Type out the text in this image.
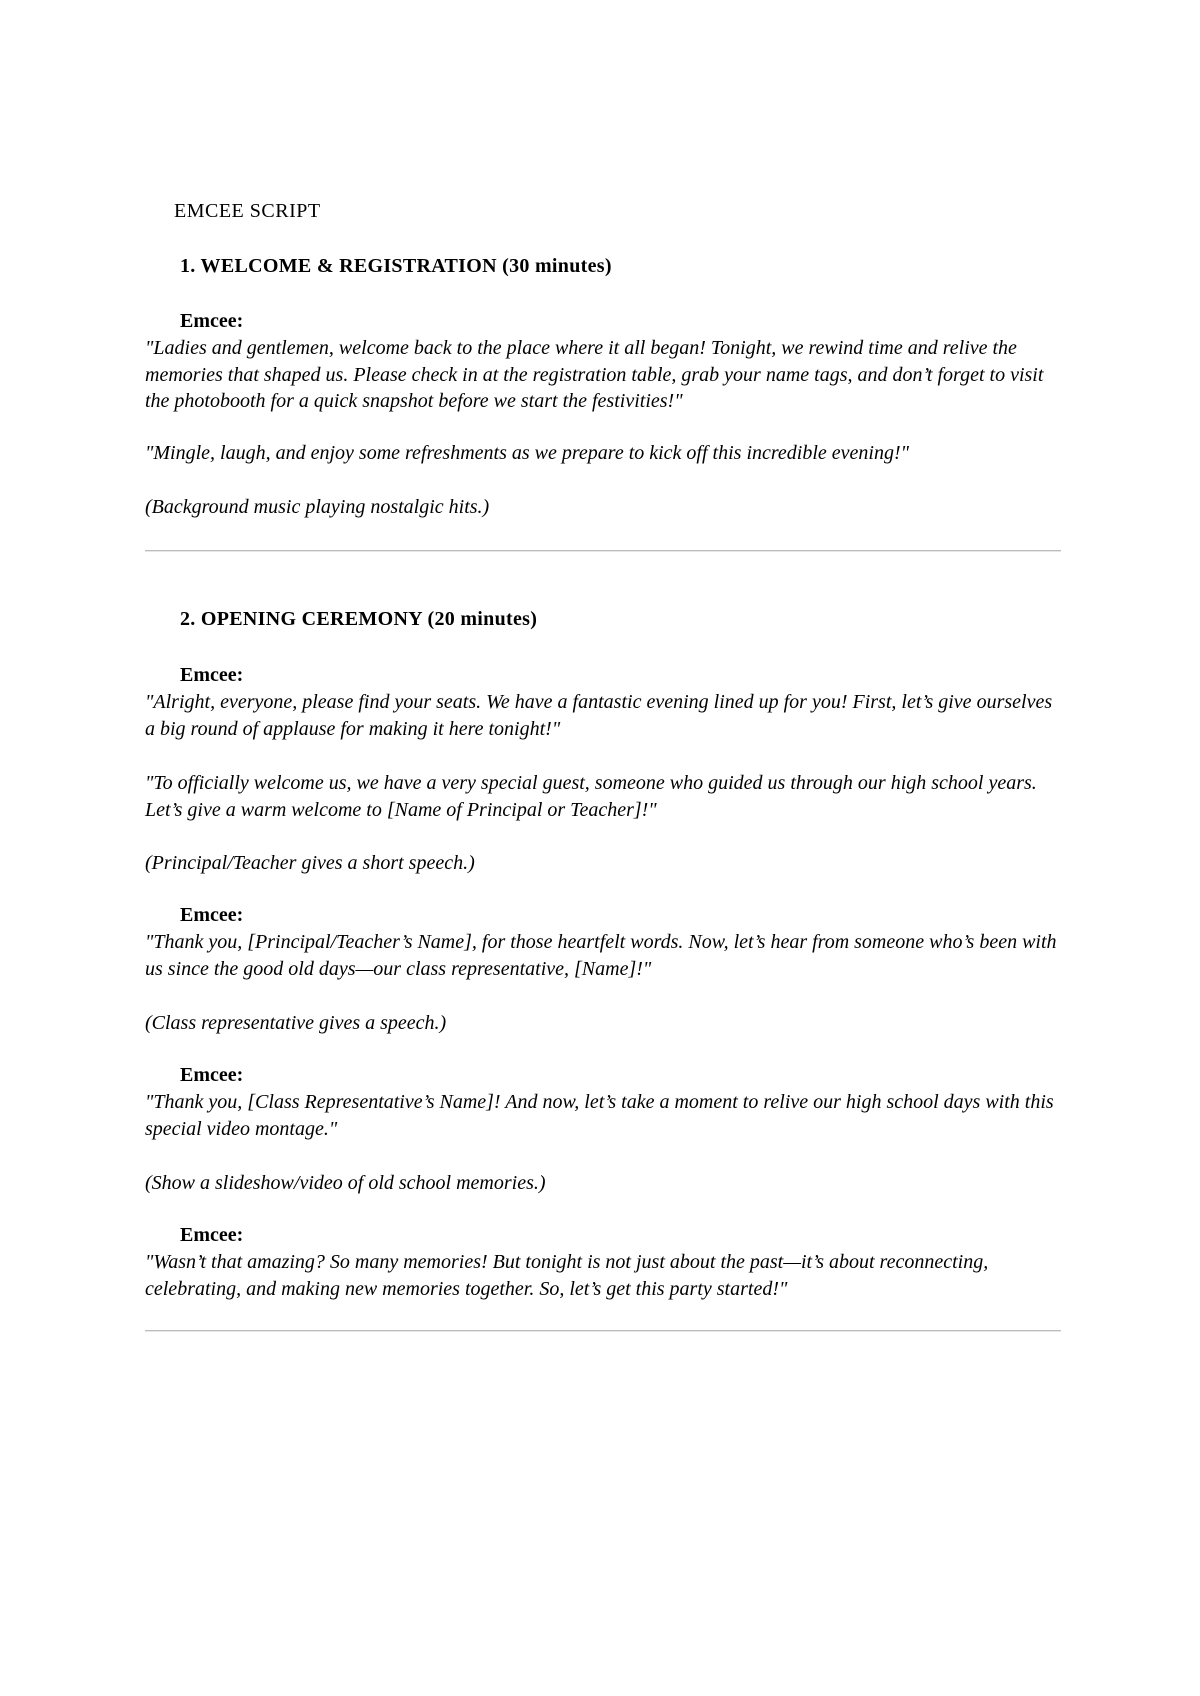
EMCEE SCRIPT
1. WELCOME & REGISTRATION (30 minutes)
Emcee:
"Ladies and gentlemen, welcome back to the place where it all began! Tonight, we rewind time and relive the memories that shaped us. Please check in at the registration table, grab your name tags, and don’t forget to visit the photobooth for a quick snapshot before we start the festivities!"
"Mingle, laugh, and enjoy some refreshments as we prepare to kick off this incredible evening!"
(Background music playing nostalgic hits.)
2. OPENING CEREMONY (20 minutes)
Emcee:
"Alright, everyone, please find your seats. We have a fantastic evening lined up for you! First, let’s give ourselves a big round of applause for making it here tonight!"
"To officially welcome us, we have a very special guest, someone who guided us through our high school years. Let’s give a warm welcome to [Name of Principal or Teacher]!"
(Principal/Teacher gives a short speech.)
Emcee:
"Thank you, [Principal/Teacher’s Name], for those heartfelt words. Now, let’s hear from someone who’s been with us since the good old days—our class representative, [Name]!"
(Class representative gives a speech.)
Emcee:
"Thank you, [Class Representative’s Name]! And now, let’s take a moment to relive our high school days with this special video montage."
(Show a slideshow/video of old school memories.)
Emcee:
"Wasn’t that amazing? So many memories! But tonight is not just about the past—it’s about reconnecting, celebrating, and making new memories together. So, let’s get this party started!"
